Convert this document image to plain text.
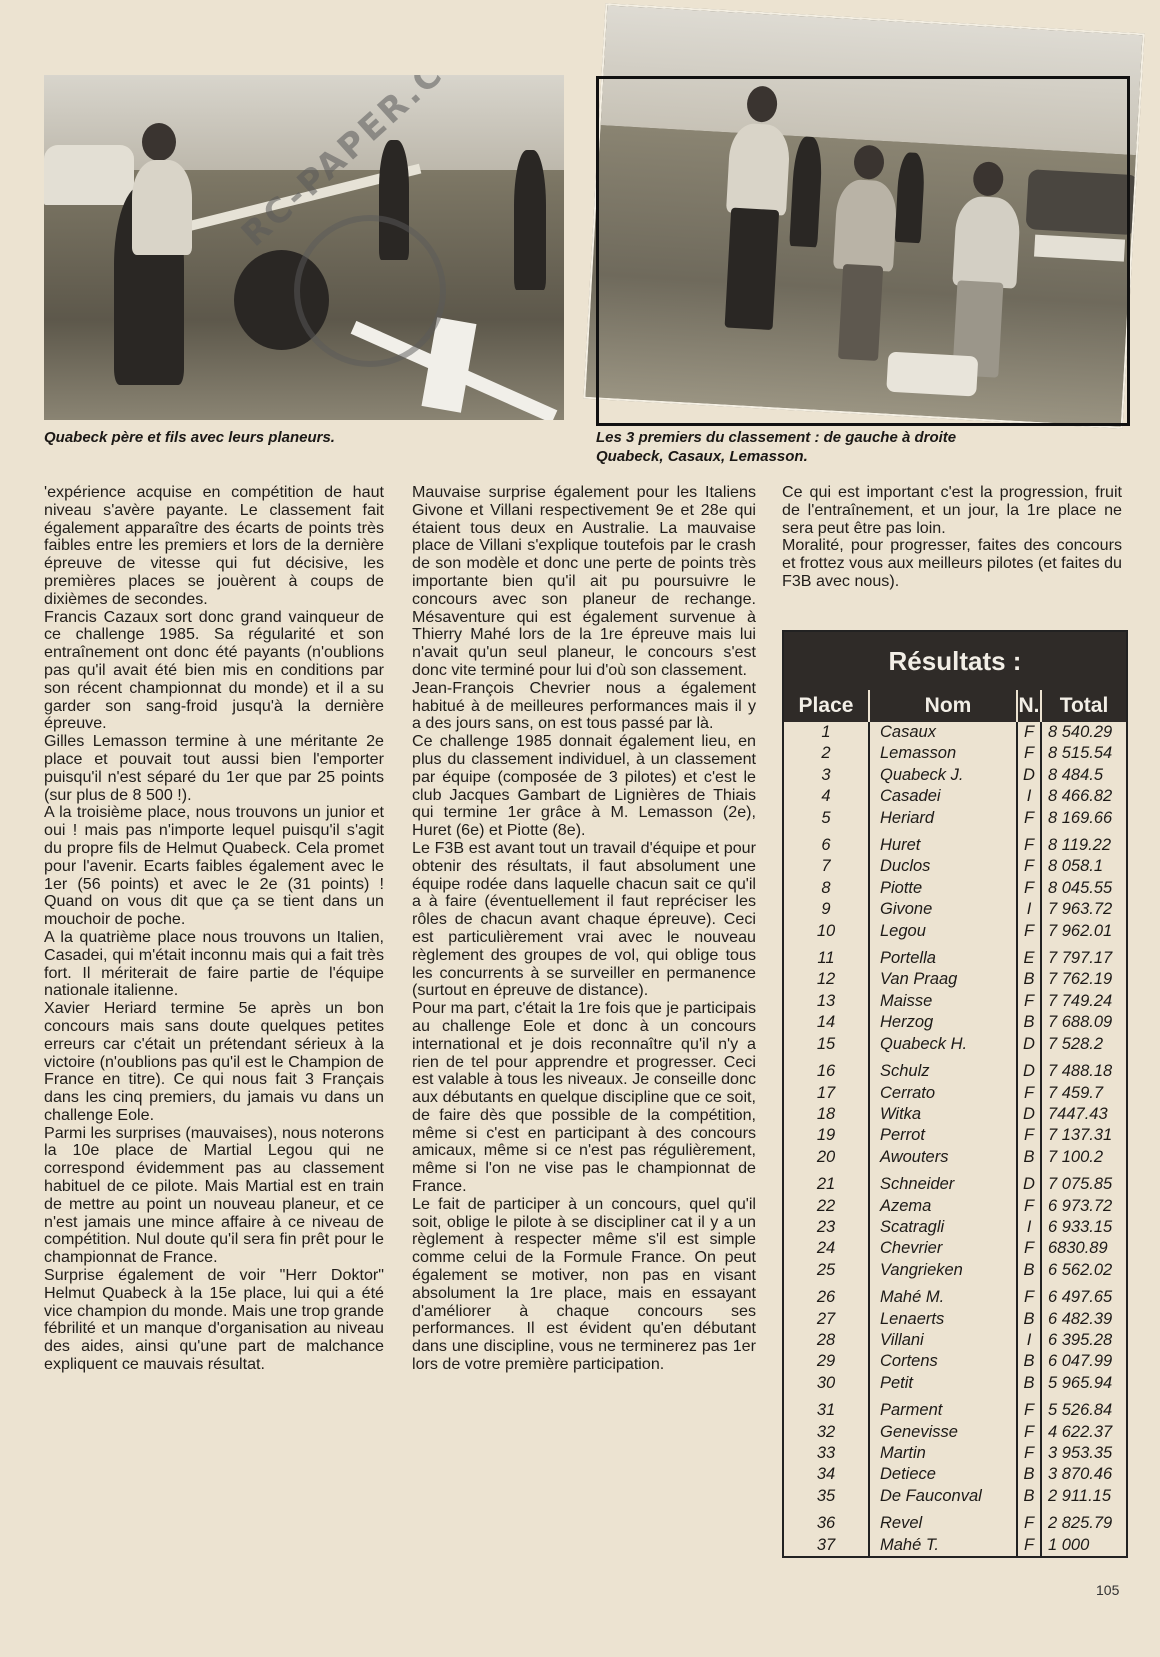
Quabeck père et fils avec leurs planeurs.	Les 3 premiers du classement : de gauche à droite
Quabeck, Casaux, Lemasson.

'expérience acquise en compétition de haut niveau s'avère payante. Le classement fait également apparaître des écarts de points très faibles entre les premiers et lors de la dernière épreuve de vitesse qui fut décisive, les premières places se jouèrent à coups de dixièmes de secondes.

Francis Cazaux sort donc grand vainqueur de ce challenge 1985. Sa régularité et son entraînement ont donc été payants (n'oublions pas qu'il avait été bien mis en conditions par son récent championnat du monde) et il a su garder son sang-froid jusqu'à la dernière épreuve.

Gilles Lemasson termine à une méritante 2e place et pouvait tout aussi bien l'emporter puisqu'il n'est séparé du 1er que par 25 points (sur plus de 8 500 !).

A la troisième place, nous trouvons un junior et oui ! mais pas n'importe lequel puisqu'il s'agit du propre fils de Helmut Quabeck. Cela promet pour l'avenir. Ecarts faibles également avec le 1er (56 points) et avec le 2e (31 points) ! Quand on vous dit que ça se tient dans un mouchoir de poche.

A la quatrième place nous trouvons un Italien, Casadei, qui m'était inconnu mais qui a fait très fort. Il mériterait de faire partie de l'équipe nationale italienne.

Xavier Heriard termine 5e après un bon concours mais sans doute quelques petites erreurs car c'était un prétendant sérieux à la victoire (n'oublions pas qu'il est le Champion de France en titre). Ce qui nous fait 3 Français dans les cinq premiers, du jamais vu dans un challenge Eole.

Parmi les surprises (mauvaises), nous noterons la 10e place de Martial Legou qui ne correspond évidemment pas au classement habituel de ce pilote. Mais Martial est en train de mettre au point un nouveau planeur, et ce n'est jamais une mince affaire à ce niveau de compétition. Nul doute qu'il sera fin prêt pour le championnat de France.

Surprise également de voir "Herr Doktor" Helmut Quabeck à la 15e place, lui qui a été vice champion du monde. Mais une trop grande fébrilité et un manque d'organisation au niveau des aides, ainsi qu'une part de malchance expliquent ce mauvais résultat.

Mauvaise surprise également pour les Italiens Givone et Villani respectivement 9e et 28e qui étaient tous deux en Australie. La mauvaise place de Villani s'explique toutefois par le crash de son modèle et donc une perte de points très importante bien qu'il ait pu poursuivre le concours avec son planeur de rechange. Mésaventure qui est également survenue à Thierry Mahé lors de la 1re épreuve mais lui n'avait qu'un seul planeur, le concours s'est donc vite terminé pour lui d'où son classement.

Jean-François Chevrier nous a également habitué à de meilleures performances mais il y a des jours sans, on est tous passé par là.

Ce challenge 1985 donnait également lieu, en plus du classement individuel, à un classement par équipe (composée de 3 pilotes) et c'est le club Jacques Gambart de Lignières de Thiais qui termine 1er grâce à M. Lemasson (2e), Huret (6e) et Piotte (8e).

Le F3B est avant tout un travail d'équipe et pour obtenir des résultats, il faut absolument une équipe rodée dans laquelle chacun sait ce qu'il a à faire (éventuellement il faut repréciser les rôles de chacun avant chaque épreuve). Ceci est particulièrement vrai avec le nouveau règlement des groupes de vol, qui oblige tous les concurrents à se surveiller en permanence (surtout en épreuve de distance).

Pour ma part, c'était la 1re fois que je participais au challenge Eole et donc à un concours international et je dois reconnaître qu'il n'y a rien de tel pour apprendre et progresser. Ceci est valable à tous les niveaux. Je conseille donc aux débutants en quelque discipline que ce soit, de faire dès que possible de la compétition, même si c'est en participant à des concours amicaux, même si ce n'est pas régulièrement, même si l'on ne vise pas le championnat de France.

Le fait de participer à un concours, quel qu'il soit, oblige le pilote à se discipliner cat il y a un règlement à respecter même s'il est simple comme celui de la Formule France. On peut également se motiver, non pas en visant absolument la 1re place, mais en essayant d'améliorer à chaque concours ses performances. Il est évident qu'en débutant dans une discipline, vous ne terminerez pas 1er lors de votre première participation.

Ce qui est important c'est la progression, fruit de l'entraînement, et un jour, la 1re place ne sera peut être pas loin.

Moralité, pour progresser, faites des concours et frottez vous aux meilleurs pilotes (et faites du F3B avec nous).

Résultats :
Place	Nom	N.	Total
1	Casaux	F	8 540.29
2	Lemasson	F	8 515.54
3	Quabeck J.	D	8 484.5
4	Casadei	I	8 466.82
5	Heriard	F	8 169.66
6	Huret	F	8 119.22
7	Duclos	F	8 058.1
8	Piotte	F	8 045.55
9	Givone	I	7 963.72
10	Legou	F	7 962.01
11	Portella	E	7 797.17
12	Van Praag	B	7 762.19
13	Maisse	F	7 749.24
14	Herzog	B	7 688.09
15	Quabeck H.	D	7 528.2
16	Schulz	D	7 488.18
17	Cerrato	F	7 459.7
18	Witka	D	7447.43
19	Perrot	F	7 137.31
20	Awouters	B	7 100.2
21	Schneider	D	7 075.85
22	Azema	F	6 973.72
23	Scatragli	I	6 933.15
24	Chevrier	F	6830.89
25	Vangrieken	B	6 562.02
26	Mahé M.	F	6 497.65
27	Lenaerts	B	6 482.39
28	Villani	I	6 395.28
29	Cortens	B	6 047.99
30	Petit	B	5 965.94
31	Parment	F	5 526.84
32	Genevisse	F	4 622.37
33	Martin	F	3 953.35
34	Detiece	B	3 870.46
35	De Fauconval	B	2 911.15
36	Revel	F	2 825.79
37	Mahé T.	F	1 000
105
